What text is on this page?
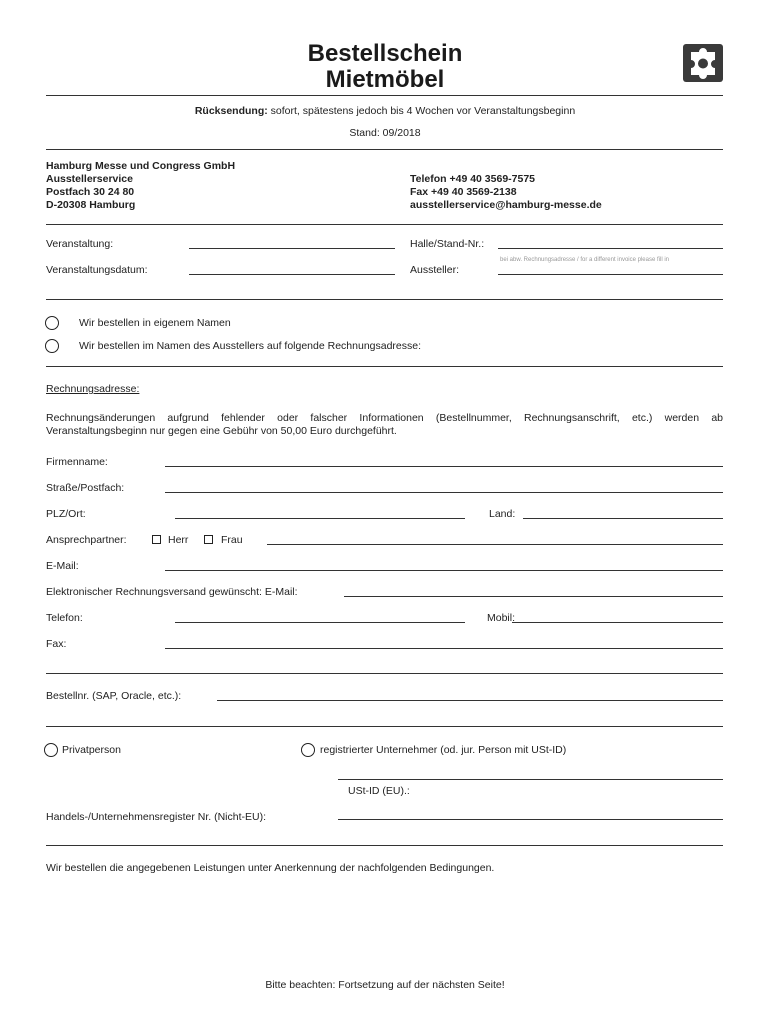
Bestellschein
Mietmöbel
Rücksendung: sofort, spätestens jedoch bis 4 Wochen vor Veranstaltungsbeginn
Stand: 09/2018
Hamburg Messe und Congress GmbH
Ausstellerservice
Postfach 30 24 80
D-20308 Hamburg
Telefon +49 40 3569-7575
Fax +49 40 3569-2138
ausstellerservice@hamburg-messe.de
Veranstaltung:	Halle/Stand-Nr.:
Veranstaltungsdatum:	Aussteller:
bei abw. Rechnungsadresse / for a different invoice please fill in
Wir bestellen in eigenem Namen
Wir bestellen im Namen des Ausstellers auf folgende Rechnungsadresse:
Rechnungsadresse:
Rechnungsänderungen aufgrund fehlender oder falscher Informationen (Bestellnummer, Rechnungsanschrift, etc.) werden ab Veranstaltungsbeginn nur gegen eine Gebühr von 50,00 Euro durchgeführt.
Firmenname:
Straße/Postfach:
PLZ/Ort:	Land:
Ansprechpartner:	Herr	Frau
E-Mail:
Elektronischer Rechnungsversand gewünscht: E-Mail:
Telefon:	Mobil:
Fax:
Bestellnr. (SAP, Oracle, etc.):
Privatperson	registrierter Unternehmer (od. jur. Person mit USt-ID)
USt-ID (EU).:
Handels-/Unternehmensregister Nr. (Nicht-EU):
Wir bestellen die angegebenen Leistungen unter Anerkennung der nachfolgenden Bedingungen.
Bitte beachten: Fortsetzung auf der nächsten Seite!
